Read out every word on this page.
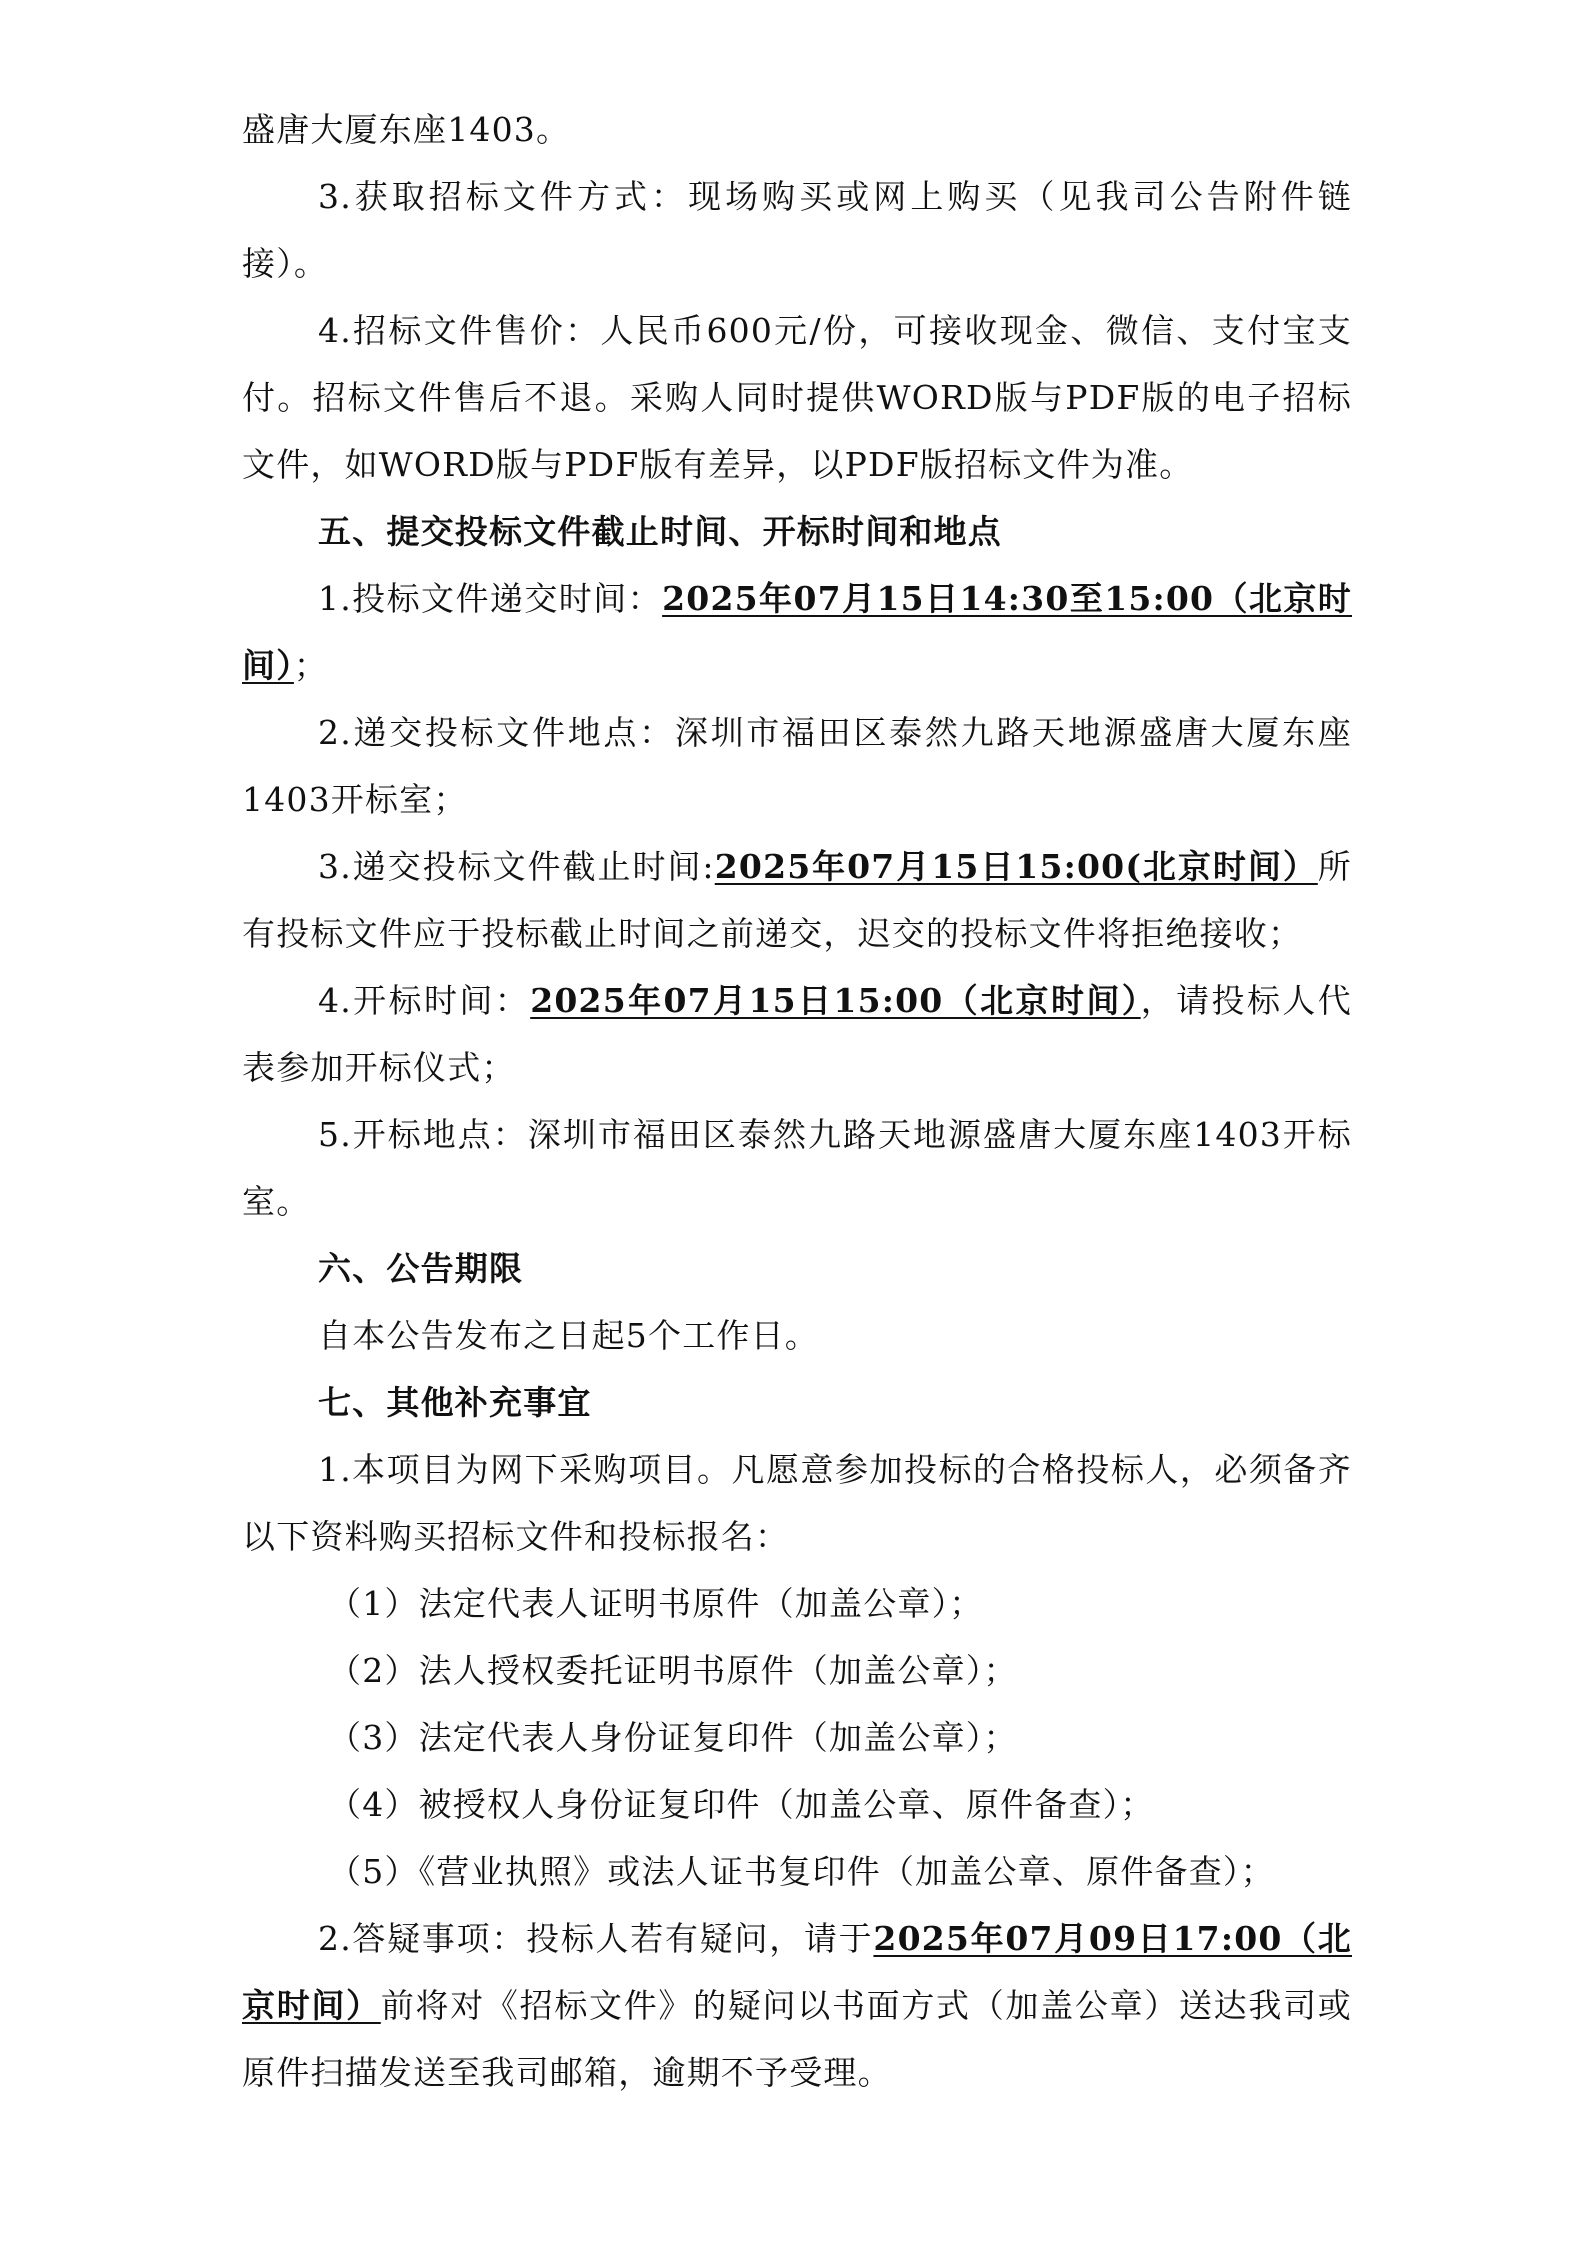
盛唐大厦东座1403。

3.获取招标文件方式：现场购买或网上购买（见我司公告附件链接）。

4.招标文件售价：人民币600元/份，可接收现金、微信、支付宝支付。招标文件售后不退。采购人同时提供WORD版与PDF版的电子招标文件，如WORD版与PDF版有差异，以PDF版招标文件为准。

五、提交投标文件截止时间、开标时间和地点

1.投标文件递交时间：2025年07月15日14:30至15:00（北京时间）；

2.递交投标文件地点：深圳市福田区泰然九路天地源盛唐大厦东座1403开标室；

3.递交投标文件截止时间:2025年07月15日15:00(北京时间）所有投标文件应于投标截止时间之前递交，迟交的投标文件将拒绝接收；

4.开标时间：2025年07月15日15:00（北京时间），请投标人代表参加开标仪式；

5.开标地点：深圳市福田区泰然九路天地源盛唐大厦东座1403开标室。

六、公告期限

自本公告发布之日起5个工作日。

七、其他补充事宜

1.本项目为网下采购项目。凡愿意参加投标的合格投标人，必须备齐以下资料购买招标文件和投标报名：

（1）法定代表人证明书原件（加盖公章）；

（2）法人授权委托证明书原件（加盖公章）；

（3）法定代表人身份证复印件（加盖公章）；

（4）被授权人身份证复印件（加盖公章、原件备查）；

（5）《营业执照》或法人证书复印件（加盖公章、原件备查）；

2.答疑事项：投标人若有疑问，请于2025年07月09日17:00（北京时间）前将对《招标文件》的疑问以书面方式（加盖公章）送达我司或原件扫描发送至我司邮箱，逾期不予受理。
